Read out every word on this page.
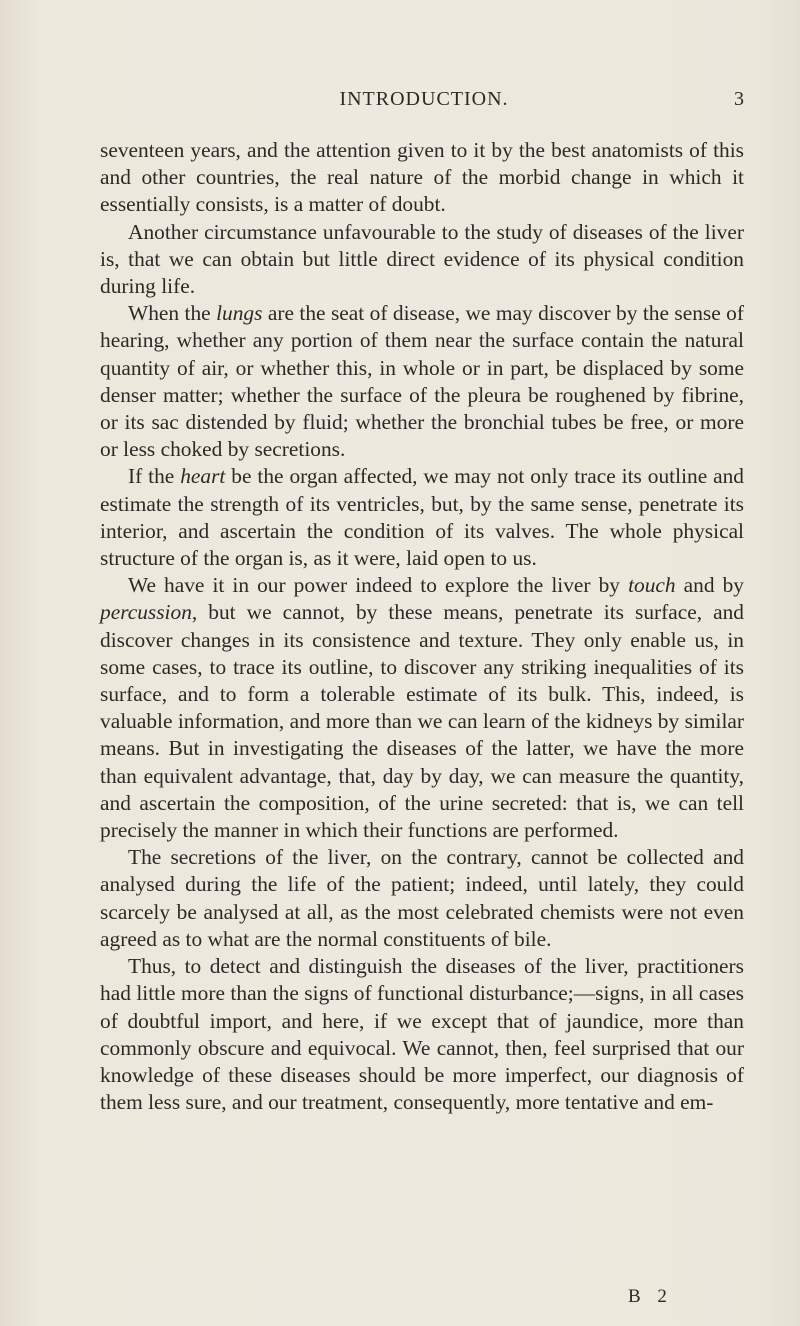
INTRODUCTION.	3

seventeen years, and the attention given to it by the best anatomists of this and other countries, the real nature of the morbid change in which it essentially consists, is a matter of doubt.

Another circumstance unfavourable to the study of diseases of the liver is, that we can obtain but little direct evidence of its physical condition during life.

When the lungs are the seat of disease, we may discover by the sense of hearing, whether any portion of them near the surface contain the natural quantity of air, or whether this, in whole or in part, be displaced by some denser matter; whether the surface of the pleura be roughened by fibrine, or its sac distended by fluid; whether the bronchial tubes be free, or more or less choked by secretions.

If the heart be the organ affected, we may not only trace its outline and estimate the strength of its ventricles, but, by the same sense, penetrate its interior, and ascertain the condition of its valves. The whole physical structure of the organ is, as it were, laid open to us.

We have it in our power indeed to explore the liver by touch and by percussion, but we cannot, by these means, penetrate its surface, and discover changes in its consistence and texture. They only enable us, in some cases, to trace its outline, to discover any striking inequalities of its surface, and to form a tolerable estimate of its bulk. This, indeed, is valuable information, and more than we can learn of the kidneys by similar means. But in investigating the diseases of the latter, we have the more than equivalent advantage, that, day by day, we can measure the quantity, and ascertain the composition, of the urine secreted: that is, we can tell precisely the manner in which their functions are performed.

The secretions of the liver, on the contrary, cannot be collected and analysed during the life of the patient; indeed, until lately, they could scarcely be analysed at all, as the most celebrated chemists were not even agreed as to what are the normal constituents of bile.

Thus, to detect and distinguish the diseases of the liver, practitioners had little more than the signs of functional disturbance;—signs, in all cases of doubtful import, and here, if we except that of jaundice, more than commonly obscure and equivocal. We cannot, then, feel surprised that our knowledge of these diseases should be more imperfect, our diagnosis of them less sure, and our treatment, consequently, more tentative and em-

B 2
